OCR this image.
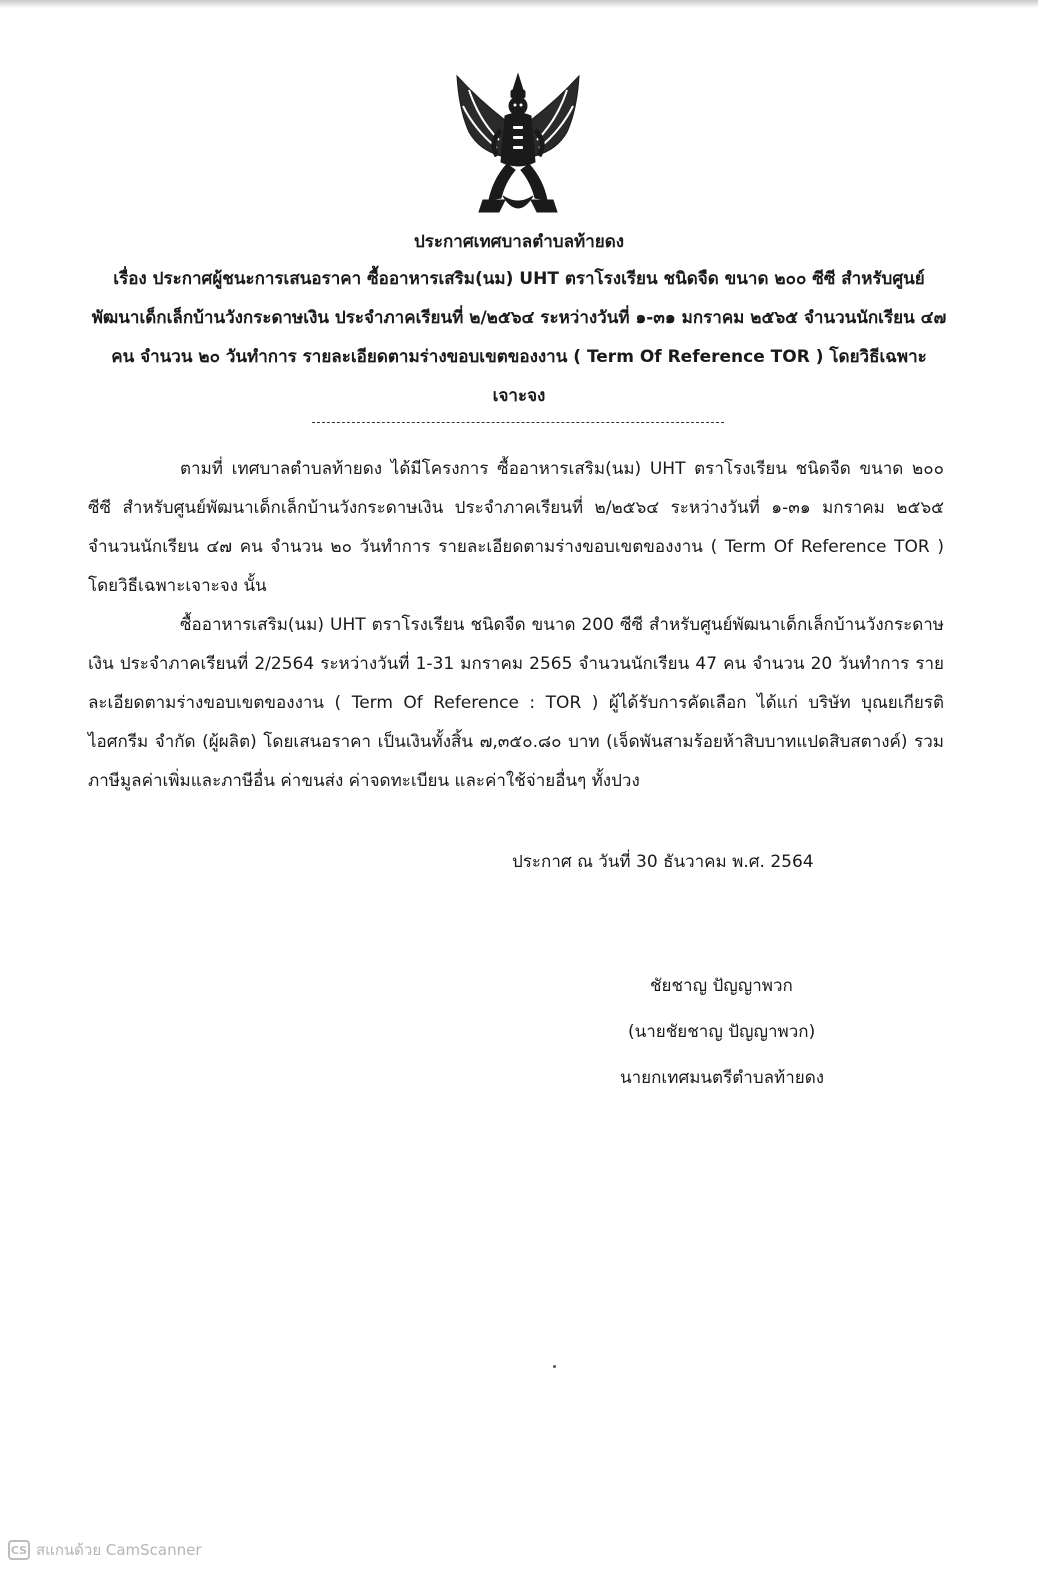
ประกาศเทศบาลตำบลท้ายดง
เรื่อง ประกาศผู้ชนะการเสนอราคา ซื้ออาหารเสริม(นม) UHT ตราโรงเรียน ชนิดจืด ขนาด ๒๐๐ ซีซี สำหรับศูนย์พัฒนาเด็กเล็กบ้านวังกระดาษเงิน ประจำภาคเรียนที่ ๒/๒๕๖๔ ระหว่างวันที่ ๑-๓๑ มกราคม ๒๕๖๕ จำนวนนักเรียน ๔๗ คน จำนวน ๒๐ วันทำการ รายละเอียดตามร่างขอบเขตของงาน ( Term Of Reference TOR ) โดยวิธีเฉพาะเจาะจง
ตามที่ เทศบาลตำบลท้ายดง ได้มีโครงการ ซื้ออาหารเสริม(นม) UHT ตราโรงเรียน ชนิดจืด ขนาด ๒๐๐ ซีซี สำหรับศูนย์พัฒนาเด็กเล็กบ้านวังกระดาษเงิน ประจำภาคเรียนที่ ๒/๒๕๖๔ ระหว่างวันที่ ๑-๓๑ มกราคม ๒๕๖๕ จำนวนนักเรียน ๔๗ คน จำนวน ๒๐ วันทำการ รายละเอียดตามร่างขอบเขตของงาน ( Term Of Reference TOR ) โดยวิธีเฉพาะเจาะจง นั้น
ซื้ออาหารเสริม(นม) UHT ตราโรงเรียน ชนิดจืด ขนาด 200 ซีซี สำหรับศูนย์พัฒนาเด็กเล็กบ้านวังกระดาษเงิน ประจำภาคเรียนที่ 2/2564 ระหว่างวันที่ 1-31 มกราคม 2565 จำนวนนักเรียน 47 คน จำนวน 20 วันทำการ รายละเอียดตามร่างขอบเขตของงาน ( Term Of Reference : TOR ) ผู้ได้รับการคัดเลือก ได้แก่ บริษัท บุณยเกียรติ ไอศกรีม จำกัด (ผู้ผลิต) โดยเสนอราคา เป็นเงินทั้งสิ้น ๗,๓๕๐.๘๐ บาท (เจ็ดพันสามร้อยห้าสิบบาทแปดสิบสตางค์) รวมภาษีมูลค่าเพิ่มและภาษีอื่น ค่าขนส่ง ค่าจดทะเบียน และค่าใช้จ่ายอื่นๆ ทั้งปวง
ประกาศ ณ วันที่ 30 ธันวาคม พ.ศ. 2564
ชัยชาญ ปัญญาพวก
(นายชัยชาญ ปัญญาพวก)
นายกเทศมนตรีตำบลท้ายดง
CS สแกนด้วย CamScanner
